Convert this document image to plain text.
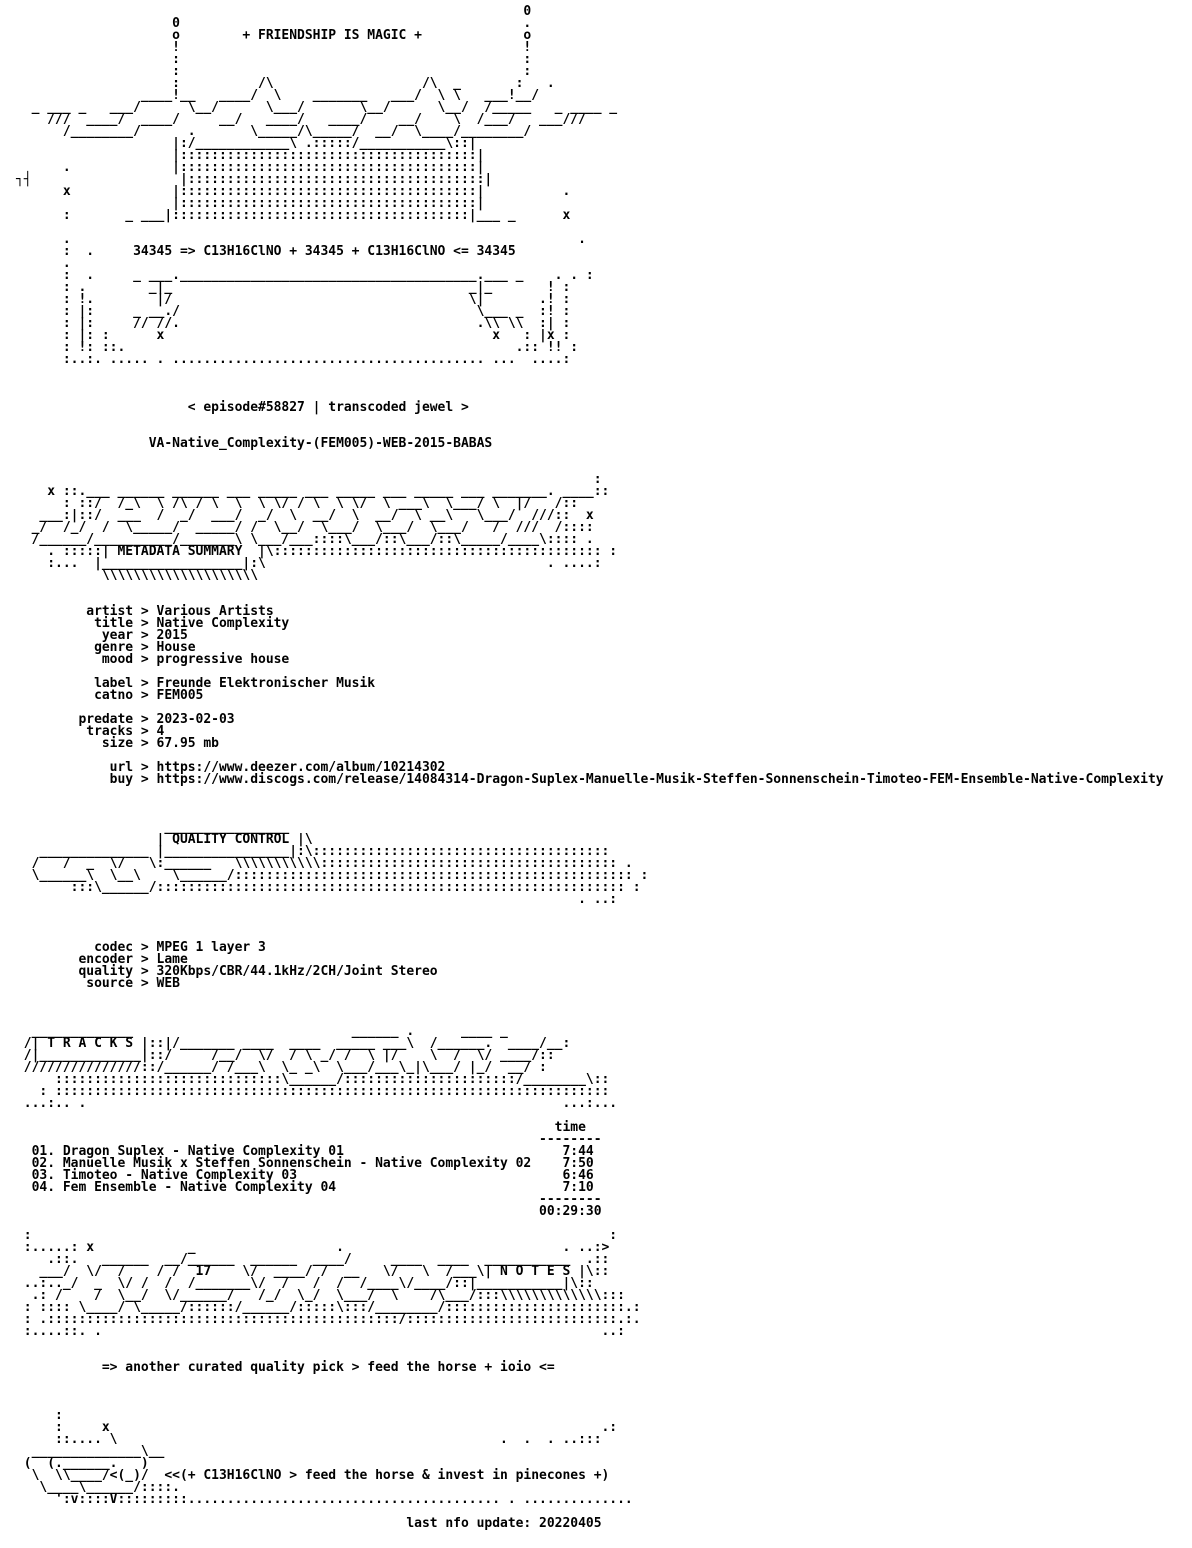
0
0                                            .
o        + FRIENDSHIP IS MAGIC +             o
!                                            !
:                                            :
:                                            :
:          /\                   /\  _       :   .
____!__   ____/  \    _______   ___/  \ \   ___!__/
_ ___ _   ___/      \__/      \___/       \__/      \__/  /_____   _ ____ _
///  ____/  ____/     __/   ____/   ____/    __/    \  /___/   ___///
/________/      .       \_____/\_____/  __/  \____/________/
|:/____________\ .:::::/___________\::|
|::::::::::::::::::::::::::::::::::::::|
.             |::::::::::::::::::::::::::::::::::::::|
┐┤                   |::::::::::::::::::::::::::::::::::::::|
x             |::::::::::::::::::::::::::::::::::::::|          .
|::::::::::::::::::::::::::::::::::::::|
:       _ ___|::::::::::::::::::::::::::::::::::::::|___ _      x

.                                                                 .
:  .     34345 => C13H16ClNO + 34345 + C13H16ClNO <= 34345
.
:  .     _ ___.______________________________________.___ _    . . :
: .        _|_                                      _|_       ! :
: !.        |/                                      \|       .! :
: |:     _ __./                                      \___ _  :! :
: |:     // //.                                      .\\ \\  :| :
: |: :      x                                          x   : |x :
: !: ::.                                                  .:: !! :
:..:. ..... . ........................................ ...  ....:

< episode#58827 | transcoded jewel >

VA-Native_Complexity-(FEM005)-WEB-2015-BABAS

:
x ::.___ ______ ______ ___ _____ ___ _____ ___ _____ ___ _______. ____::
: ::/  /_\  \ /\ / \  \  \ \/ / \  \ \/  \ ___\  \___/ \  |/   /::
___:|::/  ___  /  _/  ___/  _/  \  __/  \  __/  \ __\   \___/  ///::  x
_/  /_/  /  \_____/  _____/ /  \__/  \___/  \___/  \___/   /  ///  /::::
/______/__________/_______\ \___/___::::\___/::\___/::\_____/____\:::: .
. :::::| METADATA SUMMARY  |\:::::::::::::::::::::::::::::::::::::::::: :
:...  |__________________|:\                                    . ....:
\\\\\\\\\\\\\\\\\\\\

artist > Various Artists
title > Native Complexity
year > 2015
genre > House
mood > progressive house

label > Freunde Elektronischer Musik
catno > FEM005

predate > 2023-02-03
tracks > 4
size > 67.95 mb

url > https://www.deezer.com/album/10214302
buy > https://www.discogs.com/release/14084314-Dragon-Suplex-Manuelle-Musik-Steffen-Sonnenschein-Timoteo-FEM-Ensemble-Native-Complexity

________________
| QUALITY CONTROL |\
______________ |________________|:\::::::::::::::::::::::::::::::::::::::
/   /  _  \/   \:______   \\\\\\\\\\\:::::::::::::::::::::::::::::::::::::: .
\______\  \__\    \______/::::::::::::::::::::::::::::::::::::::::::::::::::: :
:::\______/:::::::::::::::::::::::::::::::::::::::::::::::::::::::::::: :
. ..:

codec > MPEG 1 layer 3
encoder > Lame
quality > 320Kbps/CBR/44.1kHz/2CH/Joint Stereo
source > WEB

_____________                            ______ .      ____ _
/| T R A C K S |::|/_______ ____  ____  _____ ___\  /______.  ____/__:
/|_____________|::/     /__/  \/  / \ _/ /  \ |/    \  /  \/ ____/::
///////////////::/______/ /___\  \_ _\  \___/___\_|\___/ |_/  __/ :
:::::::::::::::::::::::::::::\______/::::::::::::::::::::::/________\::
: :::::::::::::::::::::::::::::::::::::::::::::::::::::::::::::::::::::::
...:.. .                                                             ...:...

time
--------
01. Dragon Suplex - Native Complexity 01                            7:44
02. Manuelle Musik x Steffen Sonnenschein - Native Complexity 02    7:50
03. Timoteo - Native Complexity 03                                  6:46
04. Fem Ensemble - Native Complexity 04                             7:10
--------
00:29:30

:                                                                          :
:.....: x            _                  .                            . ..:>
.::.   ______  __/______  ______  ____/     ____  ____  ___________  .::
___/  \/  /    / /  17    \/  ____/ /  __   \/   \  /___\| N O T E S |\::
..:.._/  _  \/ /  /  /_______\/  /   /  /  /____\/____/::|___________|\::
.: /    /  \__/  \/______/   /_/  \_/  \___/  \    /\___/:::\\\\\\\\\\\\\:::
: :::: \____/ \_____/::::::/______/:::::\:::/________/:::::::::::::::::::::::.:
: .:::::::::::::::::::::::::::::::::::::::::::::/:::::::::::::::::::::::::::.:.
:....::. .                                                                ..:

=> another curated quality pick > feed the horse + ioio <=

:
:     x                                                               .:
::.... \                                                 .  .  . ..:::
______________\__
(  (.______.   )
\  \\____/<(_)/  <<(+ C13H16ClNO > feed the horse & invest in pinecones +)
\____\______/::::.
':v::::V:::::::::........................................ . ..............

last nfo update: 20220405
